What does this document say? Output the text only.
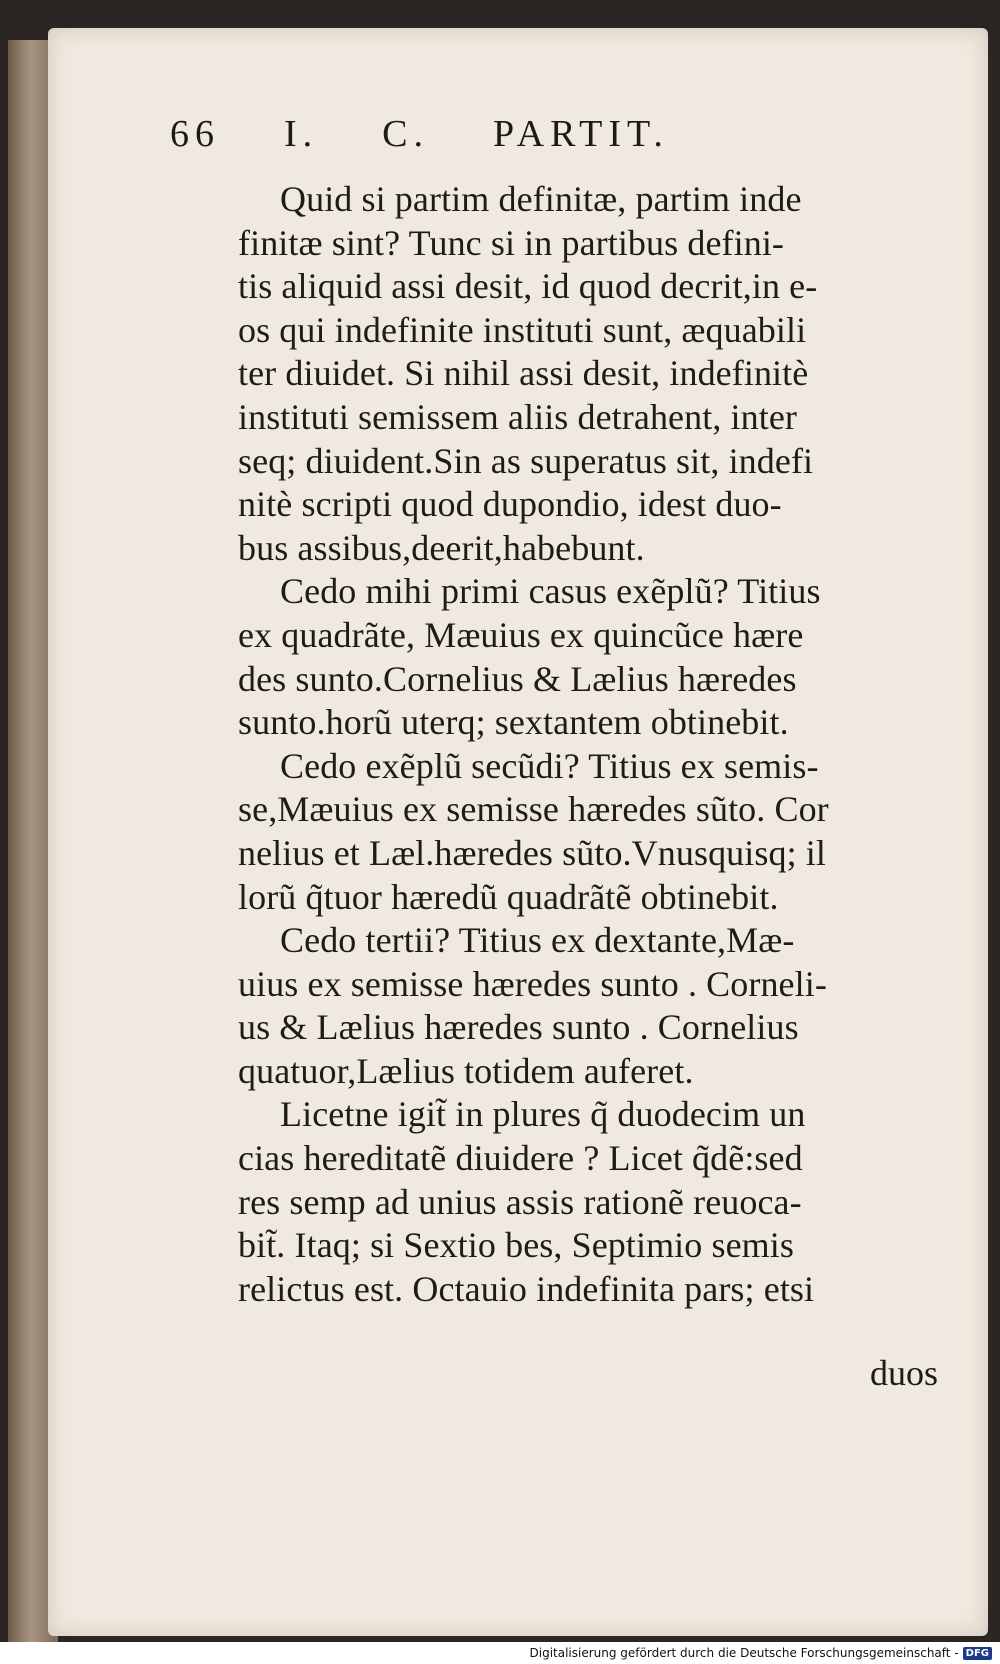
66 I. C. PARTIT.
Quid si partim definitæ, partim inde
finitæ sint? Tunc si in partibus defini-
tis aliquid assi desit, id quod decrit,in e-
os qui indefinite instituti sunt, æquabili
ter diuidet. Si nihil assi desit, indefinitè
instituti semissem aliis detrahent, inter
seq; diuident.Sin as superatus sit, indefi
nitè scripti quod dupondio, idest duo-
bus assibus,deerit,habebunt.
Cedo mihi primi casus exẽplũ? Titius
ex quadrãte, Mæuius ex quincũce hære
des sunto.Cornelius & Lælius hæredes
sunto.horũ uterq; sextantem obtinebit.
Cedo exẽplũ secũdi? Titius ex semis-
se,Mæuius ex semisse hæredes sũto. Cor
nelius et Læl.hæredes sũto.Vnusquisq; il
lorũ q̃tuor hæredũ quadrãtẽ obtinebit.
Cedo tertii? Titius ex dextante,Mæ-
uius ex semisse hæredes sunto . Corneli-
us & Lælius hæredes sunto . Cornelius
quatuor,Lælius totidem auferet.
Licetne igit̃ in plures q̃ duodecim un
cias hereditatẽ diuidere ? Licet q̃dẽ:sed
res semp ad unius assis rationẽ reuoca-
bit̃. Itaq; si Sextio bes, Septimio semis
relictus est. Octauio indefinita pars; etsi
duos
Digitalisierung gefördert durch die Deutsche Forschungsgemeinschaft - DFG
